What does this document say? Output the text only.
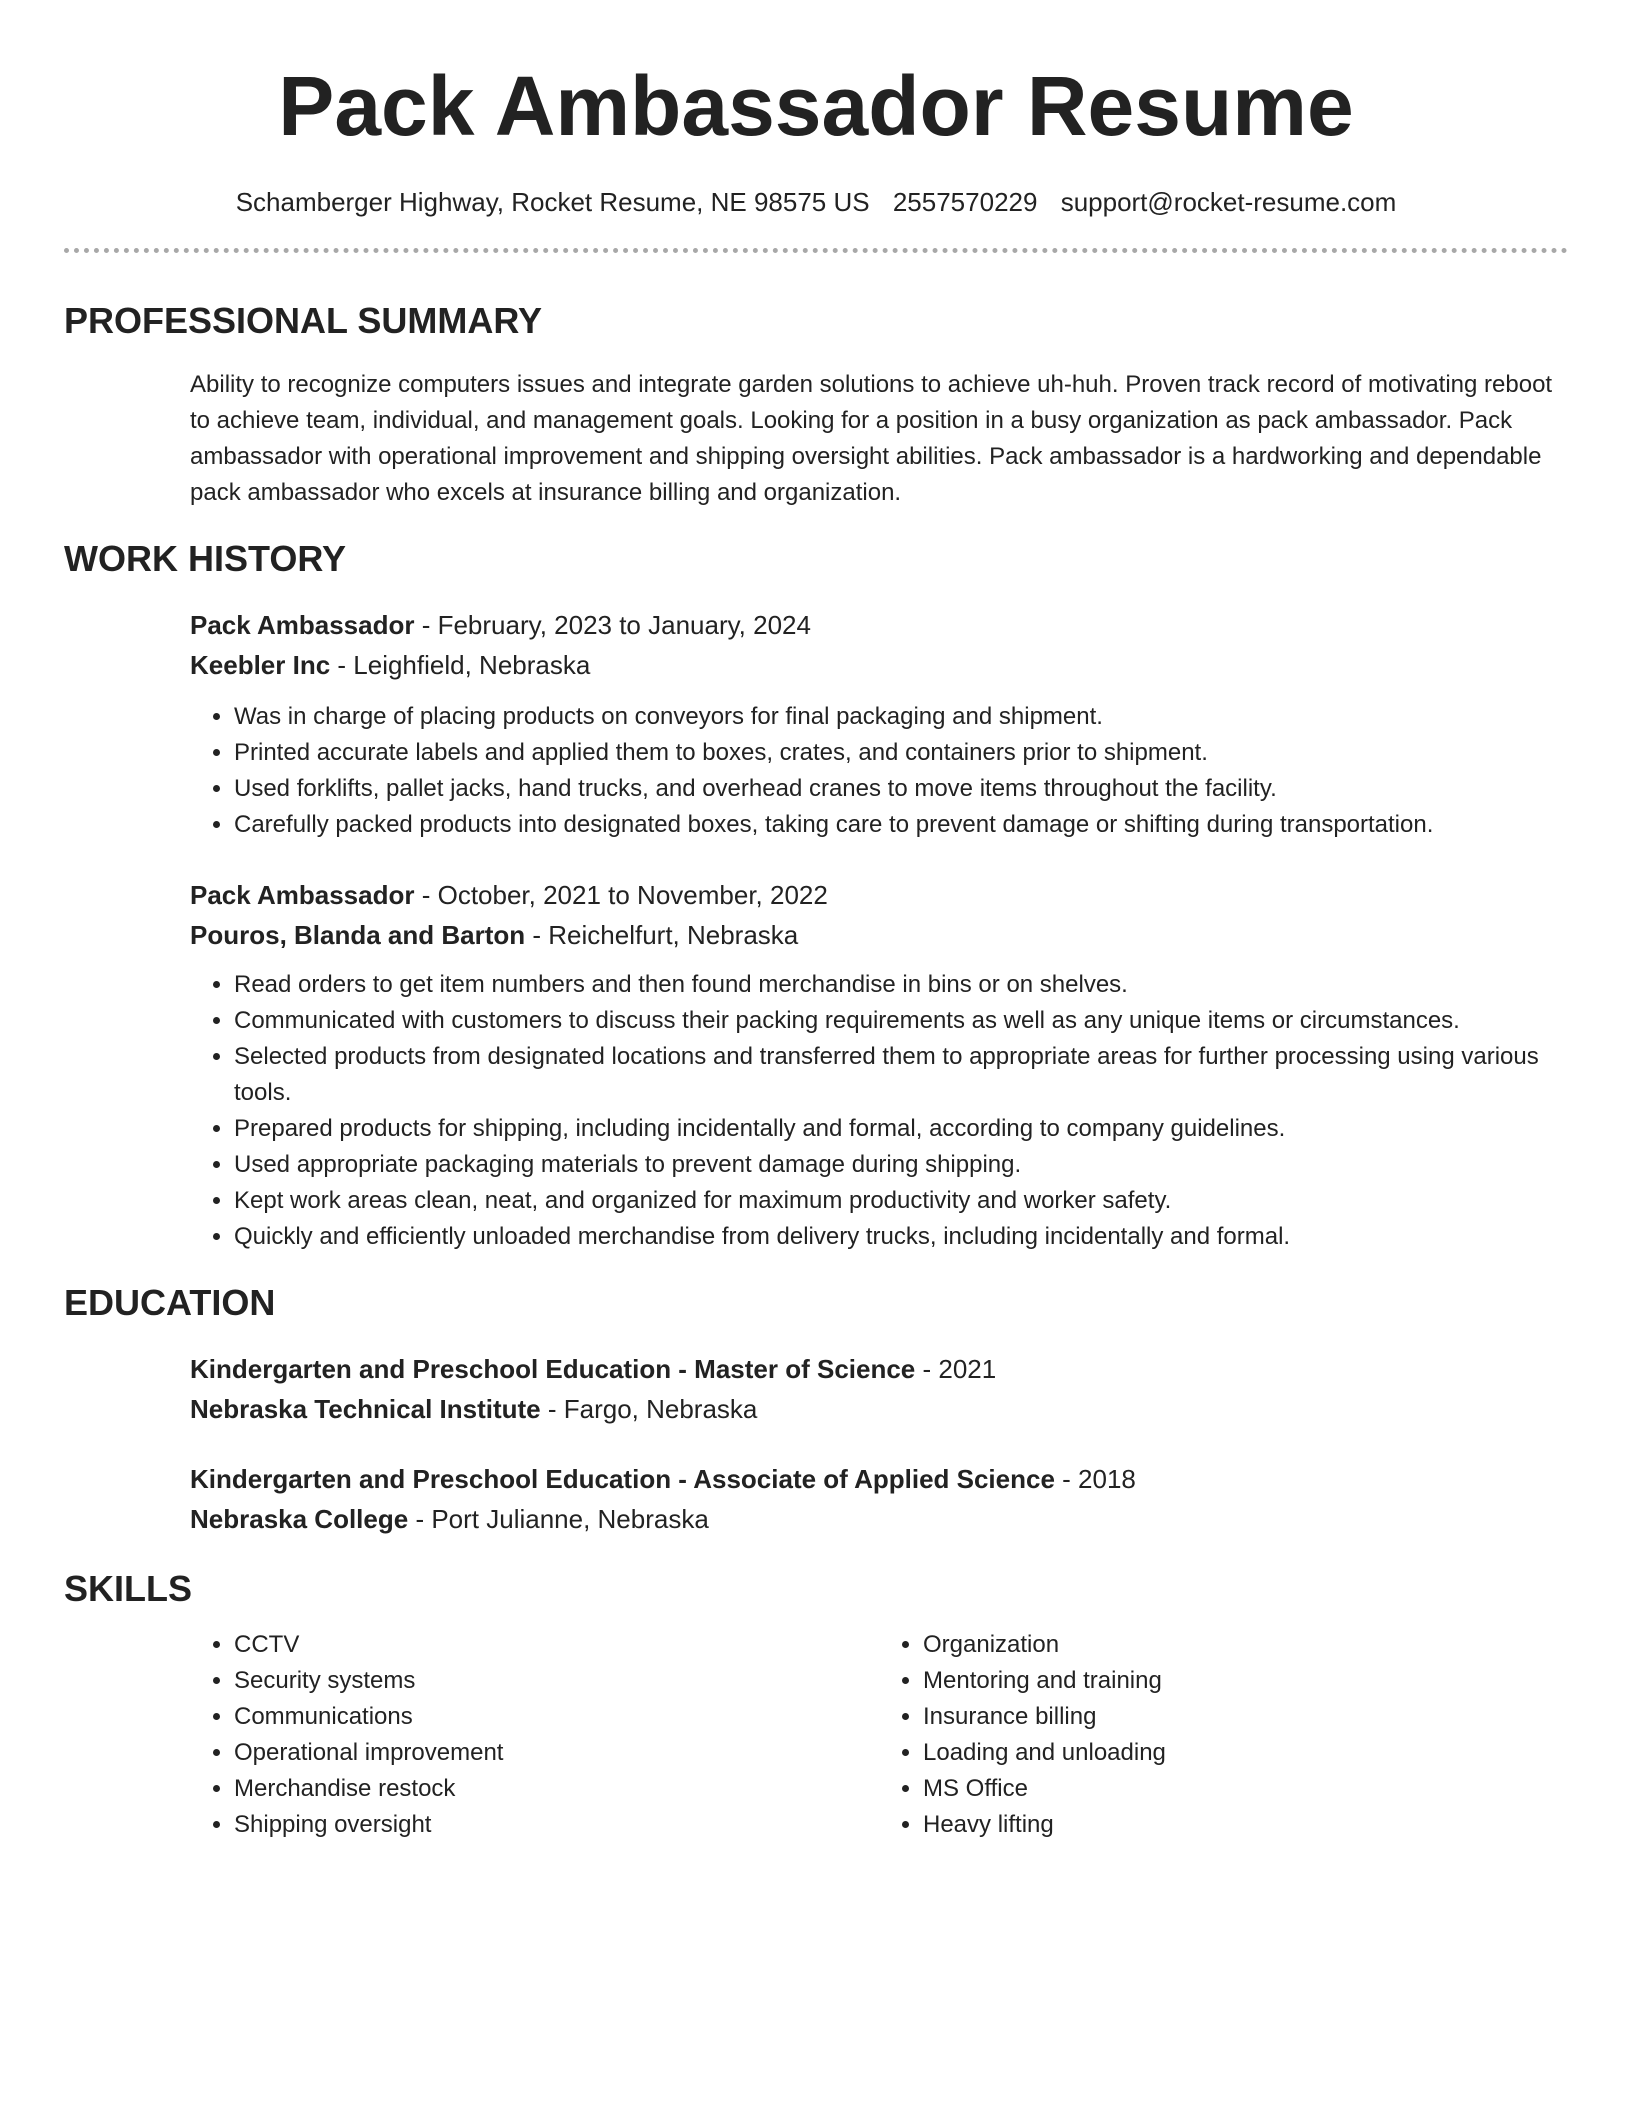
Pack Ambassador Resume
Schamberger Highway, Rocket Resume, NE 98575 US 2557570229 support@rocket-resume.com
PROFESSIONAL SUMMARY

Ability to recognize computers issues and integrate garden solutions to achieve uh-huh. Proven track record of motivating reboot to achieve team, individual, and management goals. Looking for a position in a busy organization as pack ambassador. Pack ambassador with operational improvement and shipping oversight abilities. Pack ambassador is a hardworking and dependable pack ambassador who excels at insurance billing and organization.

WORK HISTORY
Pack Ambassador - February, 2023 to January, 2024
Keebler Inc - Leighfield, Nebraska
• Was in charge of placing products on conveyors for final packaging and shipment.
• Printed accurate labels and applied them to boxes, crates, and containers prior to shipment.
• Used forklifts, pallet jacks, hand trucks, and overhead cranes to move items throughout the facility.
• Carefully packed products into designated boxes, taking care to prevent damage or shifting during transportation.
Pack Ambassador - October, 2021 to November, 2022
Pouros, Blanda and Barton - Reichelfurt, Nebraska
• Read orders to get item numbers and then found merchandise in bins or on shelves.
• Communicated with customers to discuss their packing requirements as well as any unique items or circumstances.
• Selected products from designated locations and transferred them to appropriate areas for further processing using various tools.
• Prepared products for shipping, including incidentally and formal, according to company guidelines.
• Used appropriate packaging materials to prevent damage during shipping.
• Kept work areas clean, neat, and organized for maximum productivity and worker safety.
• Quickly and efficiently unloaded merchandise from delivery trucks, including incidentally and formal.
EDUCATION
Kindergarten and Preschool Education - Master of Science - 2021
Nebraska Technical Institute - Fargo, Nebraska
Kindergarten and Preschool Education - Associate of Applied Science - 2018
Nebraska College - Port Julianne, Nebraska
SKILLS
• CCTV
• Security systems
• Communications
• Operational improvement
• Merchandise restock
• Shipping oversight
• Organization
• Mentoring and training
• Insurance billing
• Loading and unloading
• MS Office
• Heavy lifting
